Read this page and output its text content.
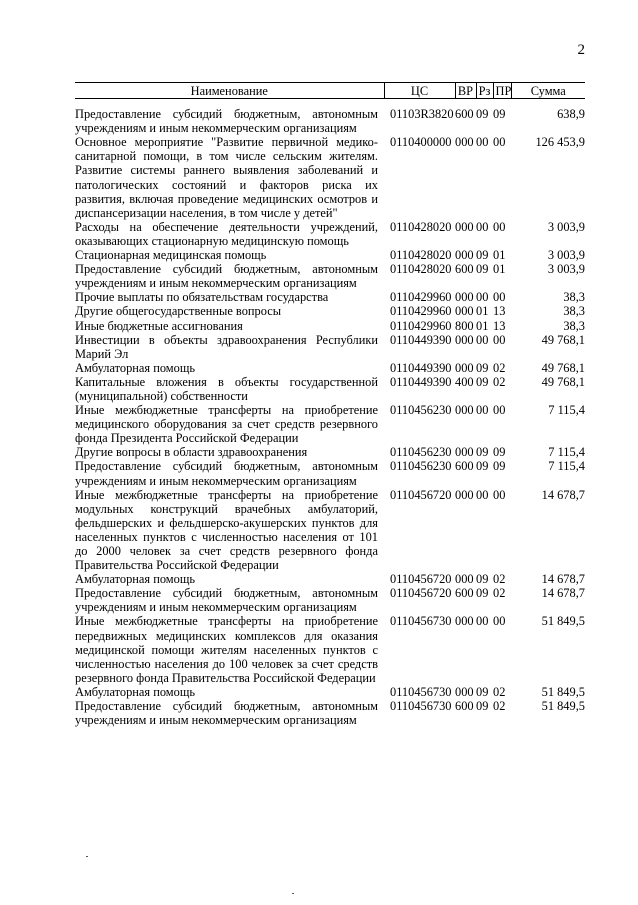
2
Наименование	ЦС	ВР	Рз	ПР	Сумма

Предоставление субсидий бюджетным, автономным учреждениям и иным некоммерческим организациям	01103R3820	600	09	09	638,9
Основное мероприятие "Развитие первичной медико-санитарной помощи, в том числе сельским жителям. Развитие системы раннего выявления заболеваний и патологических состояний и факторов риска их развития, включая проведение медицинских осмотров и диспансеризации населения, в том числе у детей"	0110400000	000	00	00	126 453,9
Расходы на обеспечение деятельности учреждений, оказывающих стационарную медицинскую помощь	0110428020	000	00	00	3 003,9
Стационарная медицинская помощь	0110428020	000	09	01	3 003,9
Предоставление субсидий бюджетным, автономным учреждениям и иным некоммерческим организациям	0110428020	600	09	01	3 003,9
Прочие выплаты по обязательствам государства	0110429960	000	00	00	38,3
Другие общегосударственные вопросы	0110429960	000	01	13	38,3
Иные бюджетные ассигнования	0110429960	800	01	13	38,3
Инвестиции в объекты здравоохранения Республики Марий Эл	0110449390	000	00	00	49 768,1
Амбулаторная помощь	0110449390	000	09	02	49 768,1
Капитальные вложения в объекты государственной (муниципальной) собственности	0110449390	400	09	02	49 768,1
Иные межбюджетные трансферты на приобретение медицинского оборудования за счет средств резервного фонда Президента Российской Федерации	0110456230	000	00	00	7 115,4
Другие вопросы в области здравоохранения	0110456230	000	09	09	7 115,4
Предоставление субсидий бюджетным, автономным учреждениям и иным некоммерческим организациям	0110456230	600	09	09	7 115,4
Иные межбюджетные трансферты на приобретение модульных конструкций врачебных амбулаторий, фельдшерских и фельдшерско-акушерских пунктов для населенных пунктов с численностью населения от 101 до 2000 человек за счет средств резервного фонда Правительства Российской Федерации	0110456720	000	00	00	14 678,7
Амбулаторная помощь	0110456720	000	09	02	14 678,7
Предоставление субсидий бюджетным, автономным учреждениям и иным некоммерческим организациям	0110456720	600	09	02	14 678,7
Иные межбюджетные трансферты на приобретение передвижных медицинских комплексов для оказания медицинской помощи жителям населенных пунктов с численностью населения до 100 человек за счет средств резервного фонда Правительства Российской Федерации	0110456730	000	00	00	51 849,5
Амбулаторная помощь	0110456730	000	09	02	51 849,5
Предоставление субсидий бюджетным, автономным учреждениям и иным некоммерческим организациям	0110456730	600	09	02	51 849,5
